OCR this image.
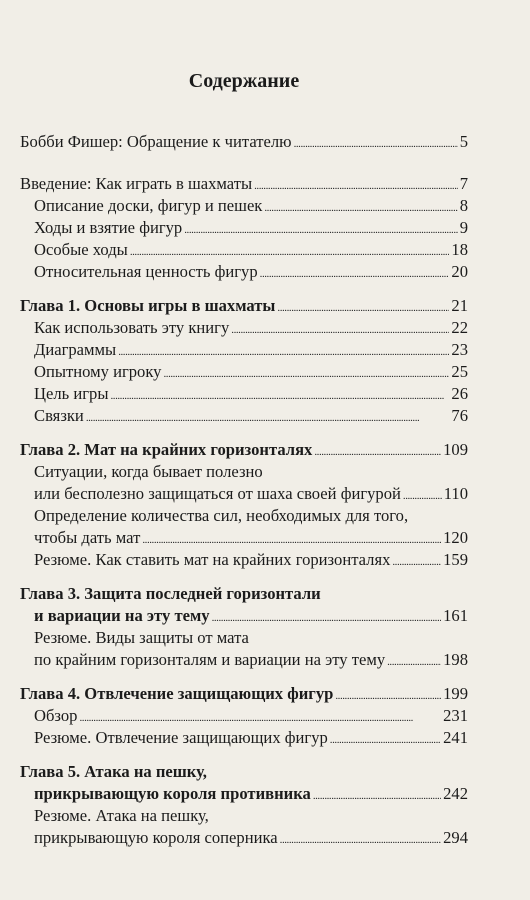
Содержание
Бобби Фишер: Обращение к читателю . . .	5
Введение: Как играть в шахматы . . .	7
Описание доски, фигур и пешек . . .	8
Ходы и взятие фигур . . .	9
Особые ходы . . .	18
Относительная ценность фигур . . .	20
Глава 1. Основы игры в шахматы . . .	21
Как использовать эту книгу . . .	22
Диаграммы . . .	23
Опытному игроку . . .	25
Цель игры . . .	26
Связки . . .	76
Глава 2. Мат на крайних горизонталях . . .	109
Ситуации, когда бывает полезно
или бесполезно защищаться от шаха своей фигурой . . .	110
Определение количества сил, необходимых для того,
чтобы дать мат . . .	120
Резюме. Как ставить мат на крайних горизонталях . . .	159
Глава 3. Защита последней горизонтали
и вариации на эту тему . . .	161
Резюме. Виды защиты от мата
по крайним горизонталям и вариации на эту тему . . .	198
Глава 4. Отвлечение защищающих фигур . . .	199
Обзор . . .	231
Резюме. Отвлечение защищающих фигур . . .	241
Глава 5. Атака на пешку,
прикрывающую короля противника . . .	242
Резюме. Атака на пешку,
прикрывающую короля соперника . . .	294
